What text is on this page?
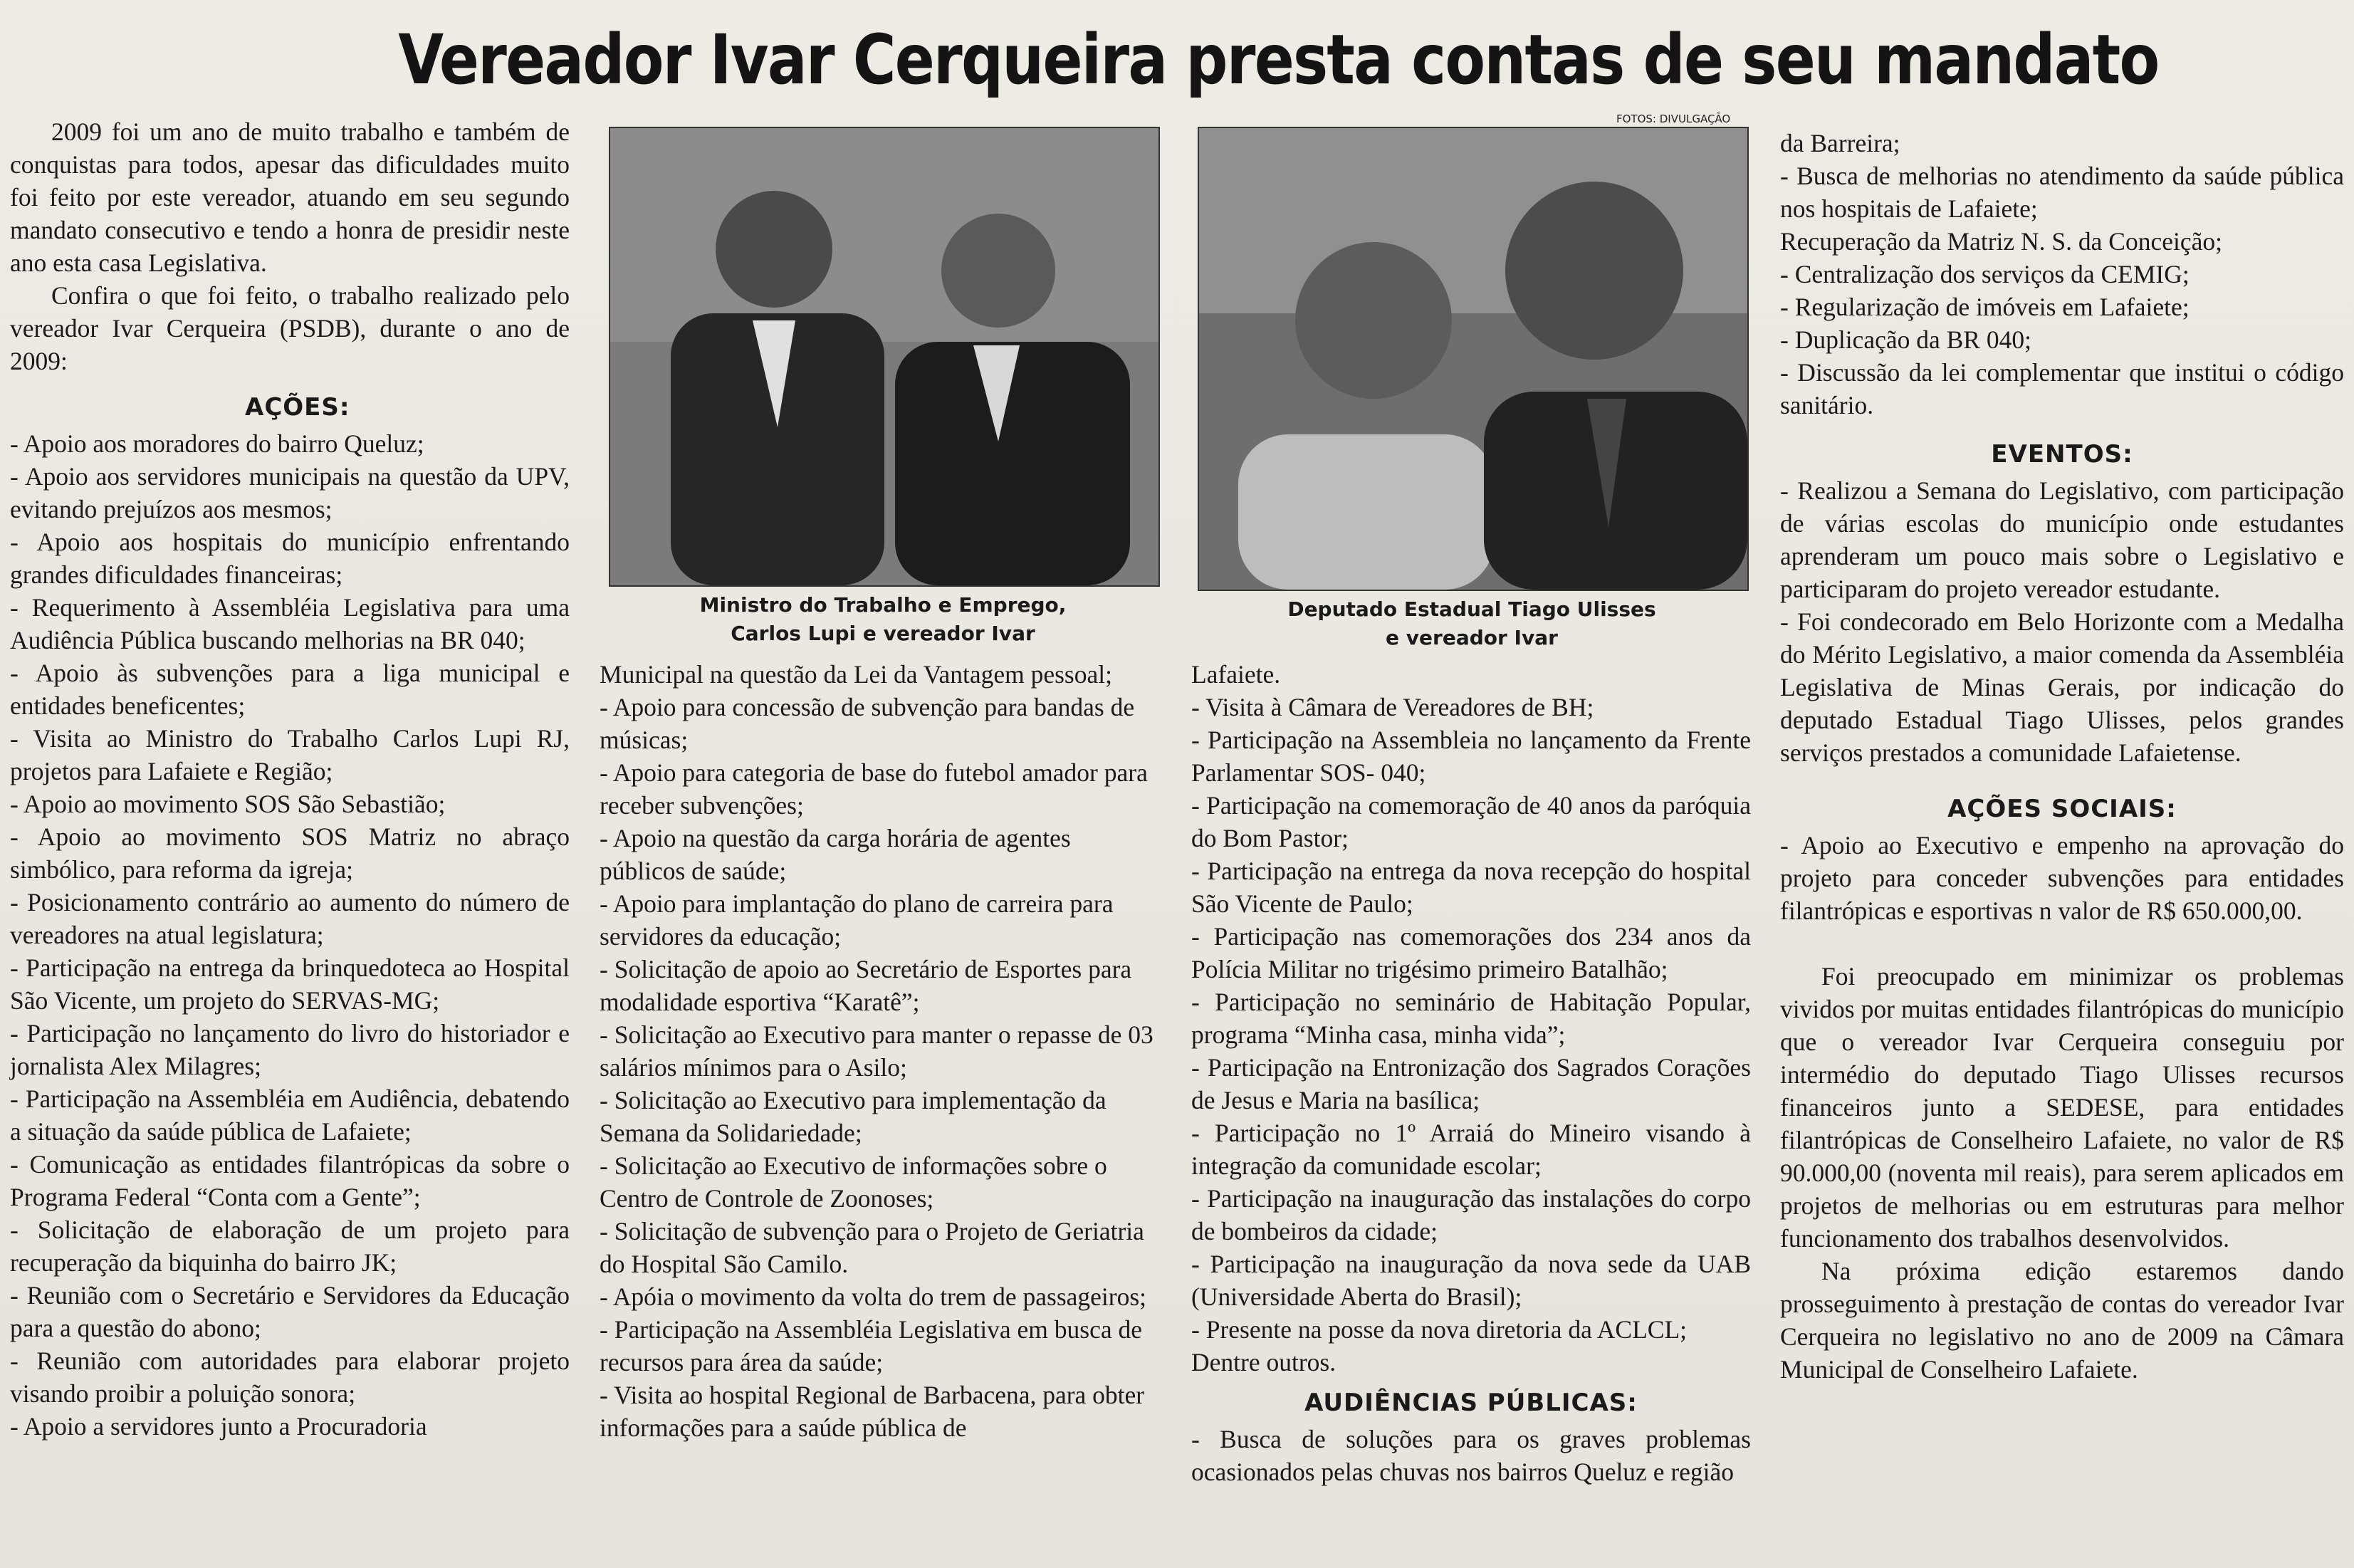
Vereador Ivar Cerqueira presta contas de seu mandato
FOTOS: DIVULGAÇÃO

2009 foi um ano de muito trabalho e também de conquistas para todos, apesar das dificuldades muito foi feito por este vereador, atuando em seu segundo mandato consecutivo e tendo a honra de presidir neste ano esta casa Legislativa.

Confira o que foi feito, o trabalho realizado pelo vereador Ivar Cerqueira (PSDB), durante o ano de 2009:

AÇÕES:

- Apoio aos moradores do bairro Queluz;

- Apoio aos servidores municipais na questão da UPV, evitando prejuízos aos mesmos;

- Apoio aos hospitais do município enfrentando grandes dificuldades financeiras;

- Requerimento à Assembléia Legislativa para uma Audiência Pública buscando melhorias na BR 040;

- Apoio às subvenções para a liga municipal e entidades beneficentes;

- Visita ao Ministro do Trabalho Carlos Lupi RJ, projetos para Lafaiete e Região;

- Apoio ao movimento SOS São Sebastião;

- Apoio ao movimento SOS Matriz no abraço simbólico, para reforma da igreja;

- Posicionamento contrário ao aumento do número de vereadores na atual legislatura;

- Participação na entrega da brinquedoteca ao Hospital São Vicente, um projeto do SERVAS-MG;

- Participação no lançamento do livro do historiador e jornalista Alex Milagres;

- Participação na Assembléia em Audiência, debatendo a situação da saúde pública de Lafaiete;

- Comunicação as entidades filantrópicas da sobre o Programa Federal “Conta com a Gente”;

- Solicitação de elaboração de um projeto para recuperação da biquinha do bairro JK;

- Reunião com o Secretário e Servidores da Educação para a questão do abono;

- Reunião com autoridades para elaborar projeto visando proibir a poluição sonora;

- Apoio a servidores junto a Procuradoria

Ministro do Trabalho e Emprego,
Carlos Lupi e vereador Ivar
Deputado Estadual Tiago Ulisses
e vereador Ivar

Municipal na questão da Lei da Vantagem pessoal;

- Apoio para concessão de subvenção para bandas de músicas;

- Apoio para categoria de base do futebol amador para receber subvenções;

- Apoio na questão da carga horária de agentes públicos de saúde;

- Apoio para implantação do plano de carreira para servidores da educação;

- Solicitação de apoio ao Secretário de Esportes para modalidade esportiva “Karatê”;

- Solicitação ao Executivo para manter o repasse de 03 salários mínimos para o Asilo;

- Solicitação ao Executivo para implementação da Semana da Solidariedade;

- Solicitação ao Executivo de informações sobre o Centro de Controle de Zoonoses;

- Solicitação de subvenção para o Projeto de Geriatria do Hospital São Camilo.

- Apóia o movimento da volta do trem de passageiros;

- Participação na Assembléia Legislativa em busca de recursos para área da saúde;

- Visita ao hospital Regional de Barbacena, para obter informações para a saúde pública de

Lafaiete.

- Visita à Câmara de Vereadores de BH;

- Participação na Assembleia no lançamento da Frente Parlamentar SOS- 040;

- Participação na comemoração de 40 anos da paróquia do Bom Pastor;

- Participação na entrega da nova recepção do hospital São Vicente de Paulo;

- Participação nas comemorações dos 234 anos da Polícia Militar no trigésimo primeiro Batalhão;

- Participação no seminário de Habitação Popular, programa “Minha casa, minha vida”;

- Participação na Entronização dos Sagrados Corações de Jesus e Maria na basílica;

- Participação no 1º Arraiá do Mineiro visando à integração da comunidade escolar;

- Participação na inauguração das instalações do corpo de bombeiros da cidade;

- Participação na inauguração da nova sede da UAB (Universidade Aberta do Brasil);

- Presente na posse da nova diretoria da ACLCL;

Dentre outros.

AUDIÊNCIAS PÚBLICAS:

- Busca de soluções para os graves problemas ocasionados pelas chuvas nos bairros Queluz e região

da Barreira;

- Busca de melhorias no atendimento da saúde pública nos hospitais de Lafaiete;

Recuperação da Matriz N. S. da Conceição;

- Centralização dos serviços da CEMIG;

- Regularização de imóveis em Lafaiete;

- Duplicação da BR 040;

- Discussão da lei complementar que institui o código sanitário.

EVENTOS:

- Realizou a Semana do Legislativo, com participação de várias escolas do município onde estudantes aprenderam um pouco mais sobre o Legislativo e participaram do projeto vereador estudante.

- Foi condecorado em Belo Horizonte com a Medalha do Mérito Legislativo, a maior comenda da Assembléia Legislativa de Minas Gerais, por indicação do deputado Estadual Tiago Ulisses, pelos grandes serviços prestados a comunidade Lafaietense.

AÇÕES SOCIAIS:

- Apoio ao Executivo e empenho na aprovação do projeto para conceder subvenções para entidades filantrópicas e esportivas n valor de R$ 650.000,00.

Foi preocupado em minimizar os problemas vividos por muitas entidades filantrópicas do município que o vereador Ivar Cerqueira conseguiu por intermédio do deputado Tiago Ulisses recursos financeiros junto a SEDESE, para entidades filantrópicas de Conselheiro Lafaiete, no valor de R$ 90.000,00 (noventa mil reais), para serem aplicados em projetos de melhorias ou em estruturas para melhor funcionamento dos trabalhos desenvolvidos.

Na próxima edição estaremos dando prosseguimento à prestação de contas do vereador Ivar Cerqueira no legislativo no ano de 2009 na Câmara Municipal de Conselheiro Lafaiete.
